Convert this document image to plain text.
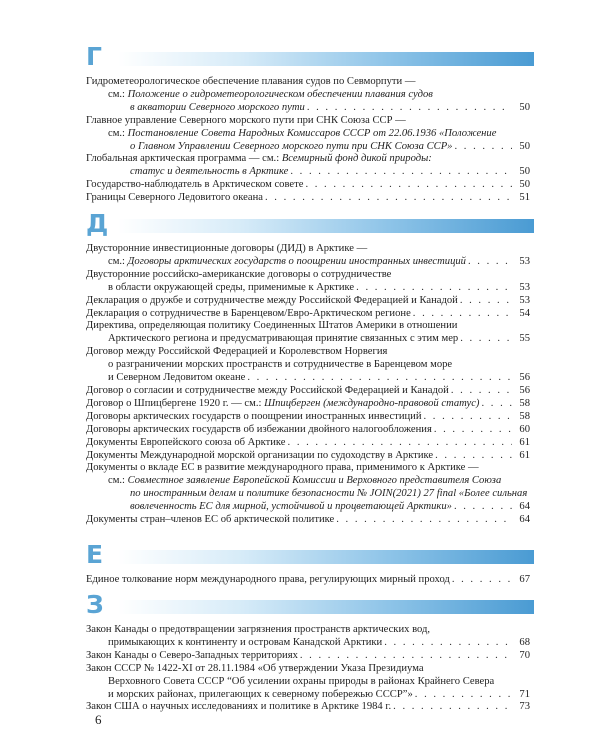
Г
Гидрометеорологическое обеспечение плавания судов по Севморпути —
см.: Положение о гидрометеорологическом обеспечении плавания судов
в акватории Северного морского пути . . .	50
Главное управление Северного морского пути при СНК Союза ССР —
см.: Постановление Совета Народных Комиссаров СССР от 22.06.1936 «Положение
о Главном Управлении Северного морского пути при СНК Союза ССР» . . .	50
Глобальная арктическая программа — см.: Всемирный фонд дикой природы:
статус и деятельность в Арктике . . .	50
Государство-наблюдатель в Арктическом совете . . .	50
Границы Северного Ледовитого океана . . .	51
Д
Двусторонние инвестиционные договоры (ДИД) в Арктике —
см.: Договоры арктических государств о поощрении иностранных инвестиций . . .	53
Двусторонние российско-американские договоры о сотрудничестве
в области окружающей среды, применимые к Арктике . . .	53
Декларация о дружбе и сотрудничестве между Российской Федерацией и Канадой . . .	53
Декларация о сотрудничестве в Баренцевом/Евро-Арктическом регионе . . .	54
Директива, определяющая политику Соединенных Штатов Америки в отношении
Арктического региона и предусматривающая принятие связанных с этим мер . . .	55
Договор между Российской Федерацией и Королевством Норвегия
о разграничении морских пространств и сотрудничестве в Баренцевом море
и Северном Ледовитом океане . . .	56
Договор о согласии и сотрудничестве между Российской Федерацией и Канадой . . .	56
Договор о Шпицбергене 1920 г. — см.: Шпицберген (международно-правовой статус) . . .	58
Договоры арктических государств о поощрении иностранных инвестиций . . .	58
Договоры арктических государств об избежании двойного налогообложения . . .	60
Документы Европейского союза об Арктике . . .	61
Документы Международной морской организации по судоходству в Арктике . . .	61
Документы о вкладе ЕС в развитие международного права, применимого к Арктике —
см.: Совместное заявление Европейской Комиссии и Верховного представителя Союза
по иностранным делам и политике безопасности № JOIN(2021) 27 final «Более сильная
вовлеченность ЕС для мирной, устойчивой и процветающей Арктики» . . .	64
Документы стран–членов ЕС об арктической политике . . .	64
Е
Единое толкование норм международного права, регулирующих мирный проход . . .	67
З
Закон Канады о предотвращении загрязнения пространств арктических вод,
примыкающих к континенту и островам Канадской Арктики . . .	68
Закон Канады о Северо-Западных территориях . . .	70
Закон СССР № 1422-XI от 28.11.1984 «Об утверждении Указа Президиума
Верховного Совета СССР “Об усилении охраны природы в районах Крайнего Севера
и морских районах, прилегающих к северному побережью СССР”» . . .	71
Закон США о научных исследованиях и политике в Арктике 1984 г. . . .	73
6
